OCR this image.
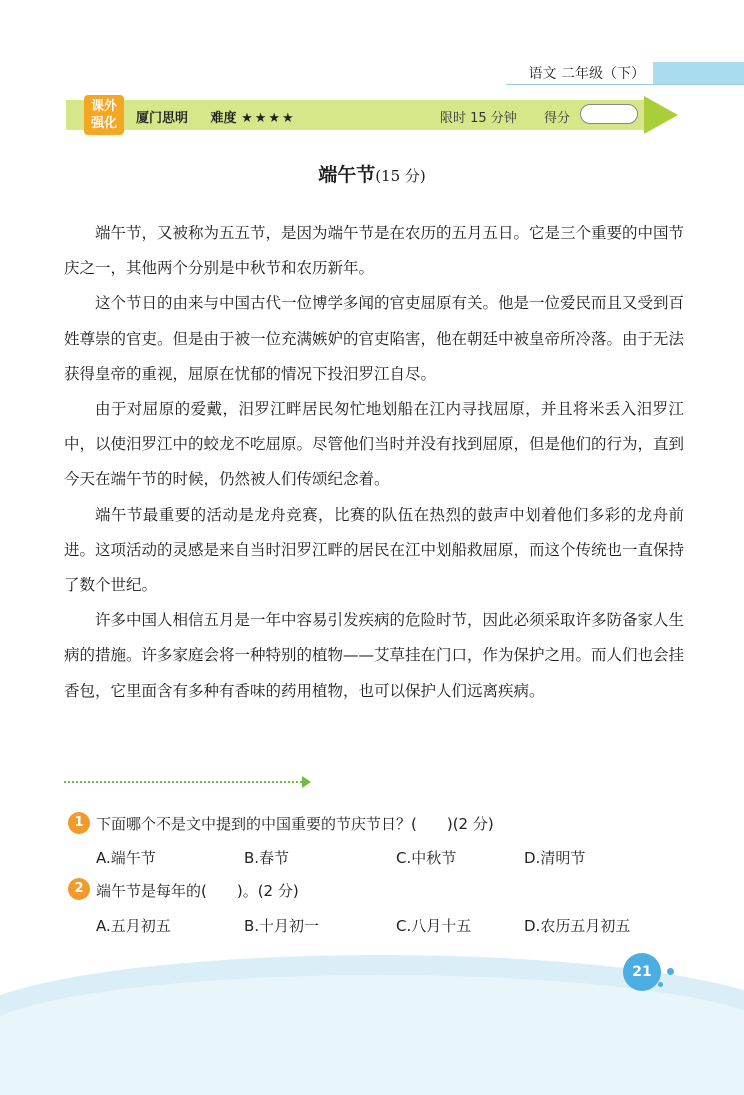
语文 二年级（下）
课外
强化	厦门思明 难度 ★★★★	限时 15 分钟 得分
端午节(15 分)

端午节，又被称为五五节，是因为端午节是在农历的五月五日。它是三个重要的中国节庆之一，其他两个分别是中秋节和农历新年。

这个节日的由来与中国古代一位博学多闻的官吏屈原有关。他是一位爱民而且又受到百姓尊崇的官吏。但是由于被一位充满嫉妒的官吏陷害，他在朝廷中被皇帝所冷落。由于无法获得皇帝的重视，屈原在忧郁的情况下投汨罗江自尽。

由于对屈原的爱戴，汨罗江畔居民匆忙地划船在江内寻找屈原，并且将米丢入汨罗江中，以使汨罗江中的蛟龙不吃屈原。尽管他们当时并没有找到屈原，但是他们的行为，直到今天在端午节的时候，仍然被人们传颂纪念着。

端午节最重要的活动是龙舟竞赛，比赛的队伍在热烈的鼓声中划着他们多彩的龙舟前进。这项活动的灵感是来自当时汨罗江畔的居民在江中划船救屈原，而这个传统也一直保持了数个世纪。

许多中国人相信五月是一年中容易引发疾病的危险时节，因此必须采取许多防备家人生病的措施。许多家庭会将一种特别的植物——艾草挂在门口，作为保护之用。而人们也会挂香包，它里面含有多种有香味的药用植物，也可以保护人们远离疾病。

1 下面哪个不是文中提到的中国重要的节庆节日？(　　)(2 分)
A.端午节	B.春节	C.中秋节	D.清明节
2 端午节是每年的(　　)。(2 分)
A.五月初五	B.十月初一	C.八月十五	D.农历五月初五
21
